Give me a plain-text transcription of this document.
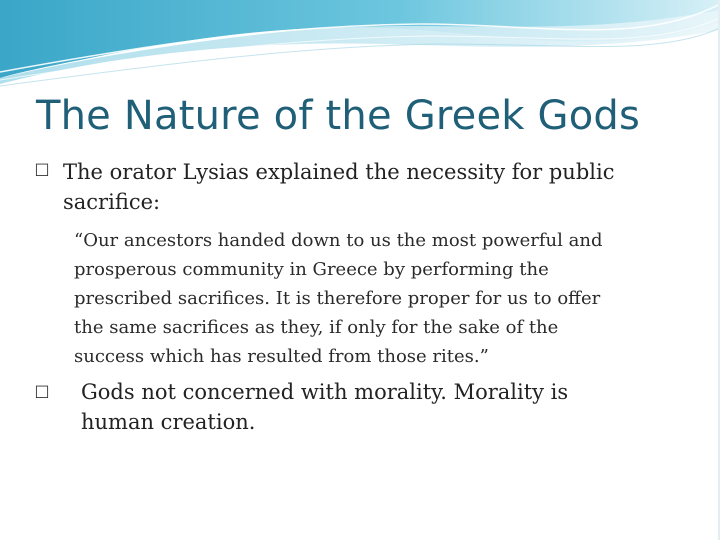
The Nature of the Greek Gods
□ The orator Lysias explained the necessity for public
sacrifice:
“Our ancestors handed down to us the most powerful and
prosperous community in Greece by performing the
prescribed sacrifices. It is therefore proper for us to offer
the same sacrifices as they, if only for the sake of the
success which has resulted from those rites.”
□ Gods not concerned with morality. Morality is
human creation.
